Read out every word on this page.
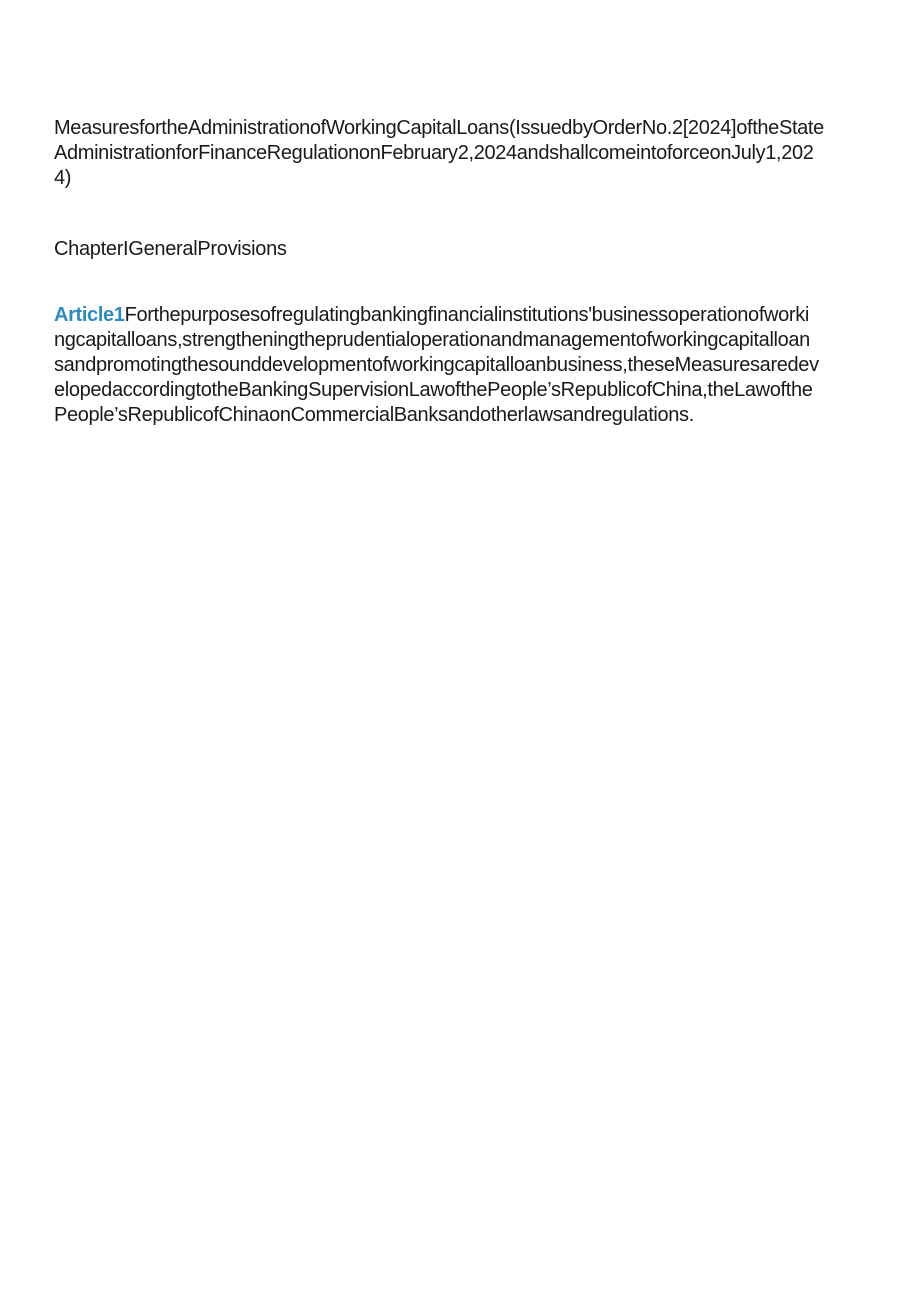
MeasuresfortheAdministrationofWorkingCapitalLoans(IssuedbyOrderNo.2[2024]oftheStateAdministrationforFinanceRegulationonFebruary2,2024andshallcomeintoforceonJuly1,2024)

ChapterIGeneralProvisions

Article1Forthepurposesofregulatingbankingfinancialinstitutions'businessoperationofworkingcapitalloans,strengtheningtheprudentialoperationandmanagementofworkingcapitalloansandpromotingthesounddevelopmentofworkingcapitalloanbusiness,theseMeasuresaredevelopedaccordingtotheBankingSupervisionLawofthePeople’sRepublicofChina,theLawofthePeople’sRepublicofChinaonCommercialBanksandotherlawsandregulations.
